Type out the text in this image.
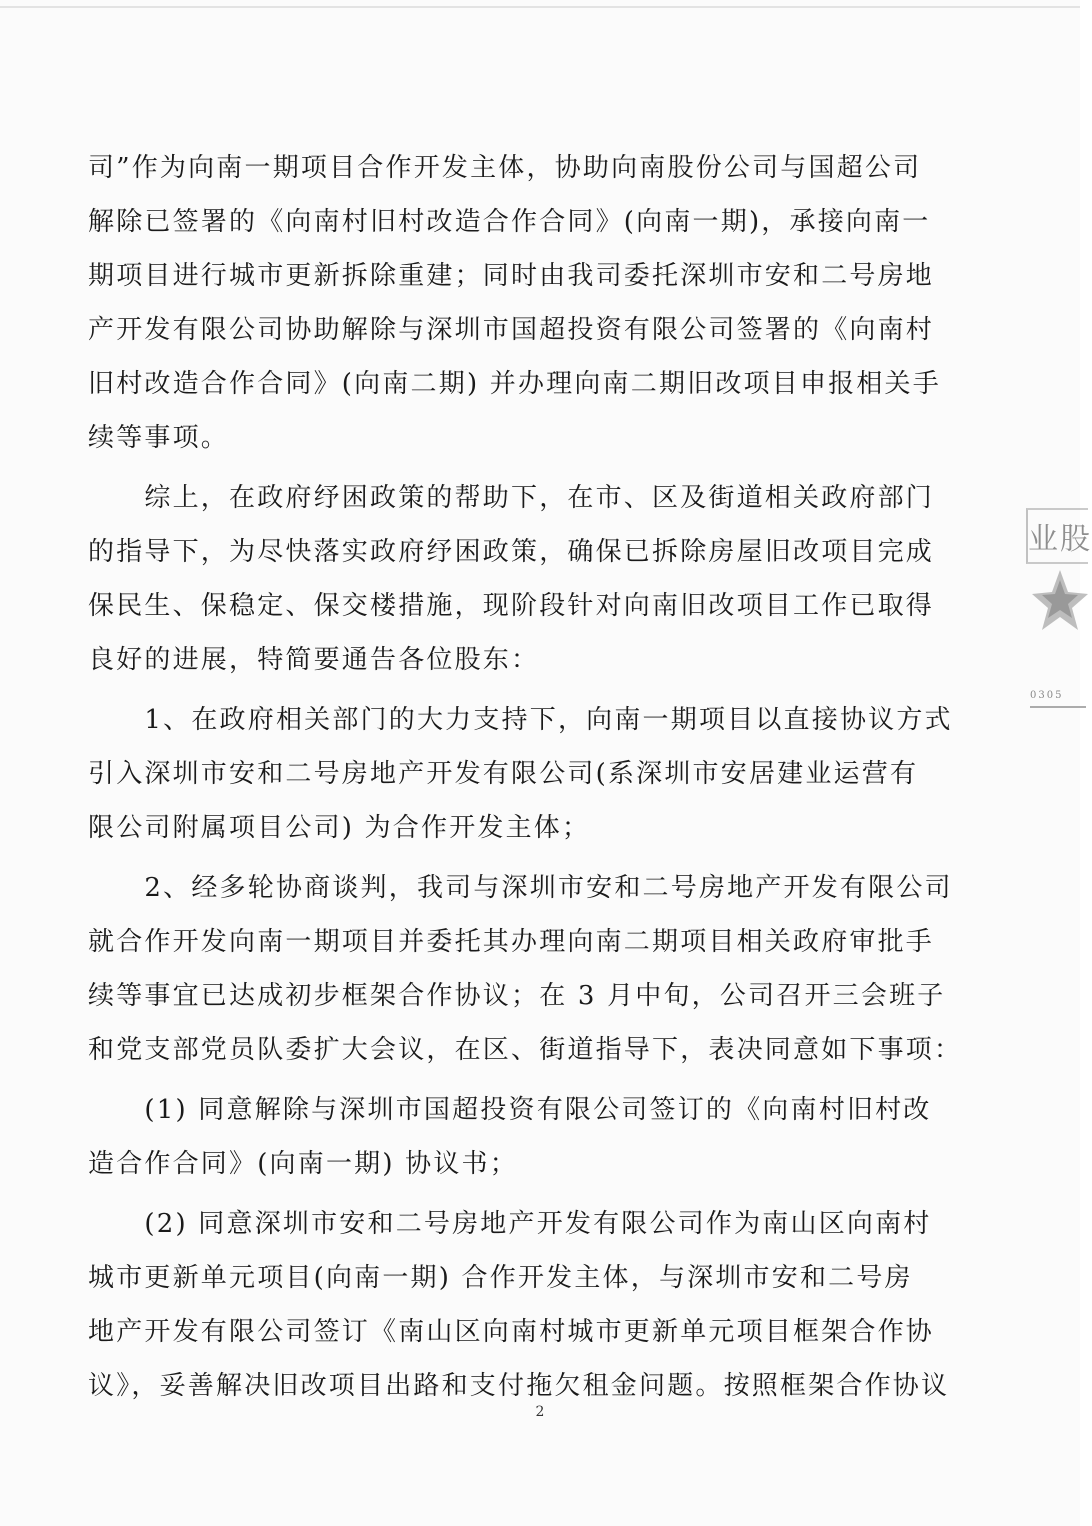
司”作为向南一期项目合作开发主体，协助向南股份公司与国超公司
解除已签署的《向南村旧村改造合作合同》(向南一期)，承接向南一
期项目进行城市更新拆除重建；同时由我司委托深圳市安和二号房地
产开发有限公司协助解除与深圳市国超投资有限公司签署的《向南村
旧村改造合作合同》(向南二期) 并办理向南二期旧改项目申报相关手
续等事项。
　　综上，在政府纾困政策的帮助下，在市、区及街道相关政府部门
的指导下，为尽快落实政府纾困政策，确保已拆除房屋旧改项目完成
保民生、保稳定、保交楼措施，现阶段针对向南旧改项目工作已取得
良好的进展，特简要通告各位股东：
　　1、在政府相关部门的大力支持下，向南一期项目以直接协议方式
引入深圳市安和二号房地产开发有限公司(系深圳市安居建业运营有
限公司附属项目公司) 为合作开发主体；
　　2、经多轮协商谈判，我司与深圳市安和二号房地产开发有限公司
就合作开发向南一期项目并委托其办理向南二期项目相关政府审批手
续等事宜已达成初步框架合作协议；在 3 月中旬，公司召开三会班子
和党支部党员队委扩大会议，在区、街道指导下，表决同意如下事项：
　　(1) 同意解除与深圳市国超投资有限公司签订的《向南村旧村改
造合作合同》(向南一期) 协议书；
　　(2) 同意深圳市安和二号房地产开发有限公司作为南山区向南村
城市更新单元项目(向南一期) 合作开发主体，与深圳市安和二号房
地产开发有限公司签订《南山区向南村城市更新单元项目框架合作协
议》，妥善解决旧改项目出路和支付拖欠租金问题。按照框架合作协议
2
业股
0305
